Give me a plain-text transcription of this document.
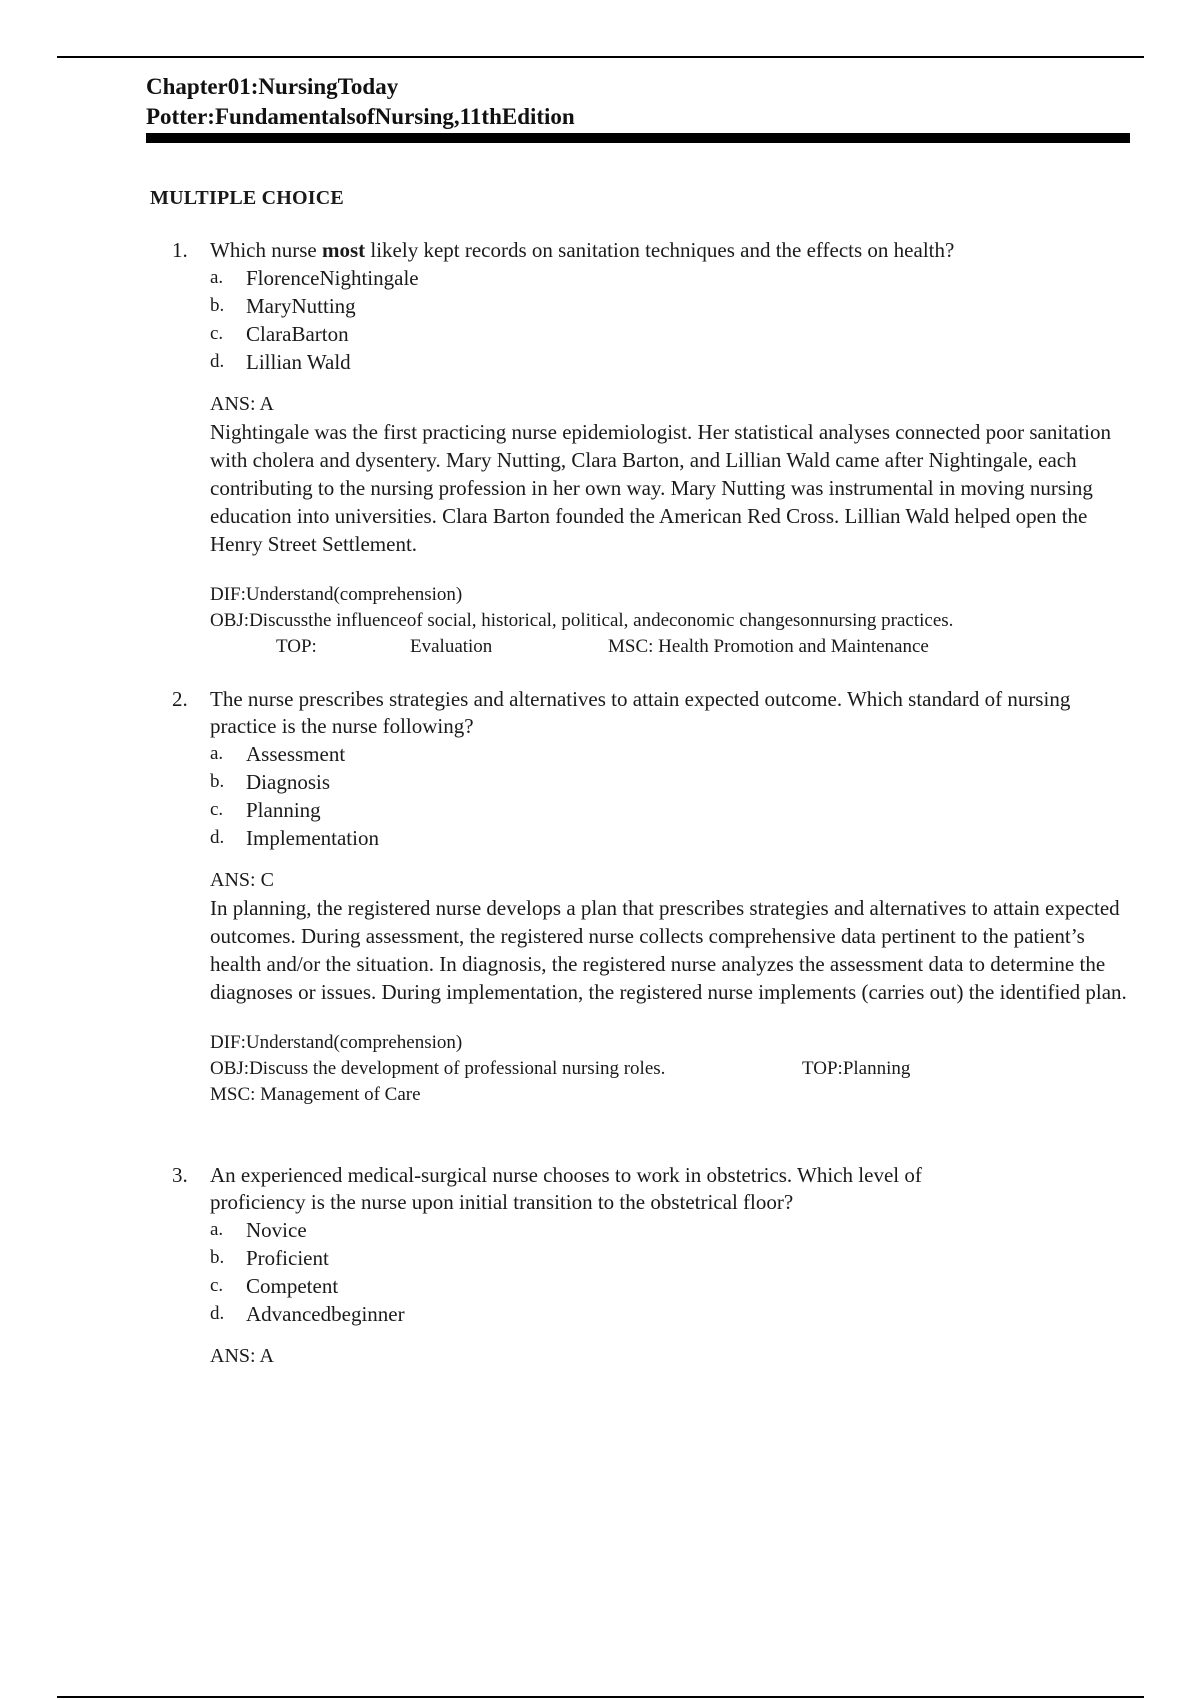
Chapter01:NursingToday
Potter:FundamentalsofNursing,11thEdition
MULTIPLE CHOICE
1.	Which nurse most likely kept records on sanitation techniques and the effects on health?
a.	FlorenceNightingale
b.	MaryNutting
c.	ClaraBarton
d.	Lillian Wald
ANS: A
Nightingale was the first practicing nurse epidemiologist. Her statistical analyses connected poor sanitation with cholera and dysentery. Mary Nutting, Clara Barton, and Lillian Wald came after Nightingale, each contributing to the nursing profession in her own way. Mary Nutting was instrumental in moving nursing education into universities. Clara Barton founded the American Red Cross. Lillian Wald helped open the Henry Street Settlement.
DIF:Understand(comprehension)
OBJ:Discussthe influenceof social, historical, political, andeconomic changesonnursing practices.
TOP:	Evaluation	MSC: Health Promotion and Maintenance
2.	The nurse prescribes strategies and alternatives to attain expected outcome. Which standard of nursing practice is the nurse following?
a.	Assessment
b.	Diagnosis
c.	Planning
d.	Implementation
ANS: C
In planning, the registered nurse develops a plan that prescribes strategies and alternatives to attain expected outcomes. During assessment, the registered nurse collects comprehensive data pertinent to the patient’s health and/or the situation. In diagnosis, the registered nurse analyzes the assessment data to determine the diagnoses or issues. During implementation, the registered nurse implements (carries out) the identified plan.
DIF:Understand(comprehension)
OBJ:Discuss the development of professional nursing roles.	TOP:Planning
MSC: Management of Care
3.	An experienced medical-surgical nurse chooses to work in obstetrics. Which level of proficiency is the nurse upon initial transition to the obstetrical floor?
a.	Novice
b.	Proficient
c.	Competent
d.	Advancedbeginner
ANS: A
